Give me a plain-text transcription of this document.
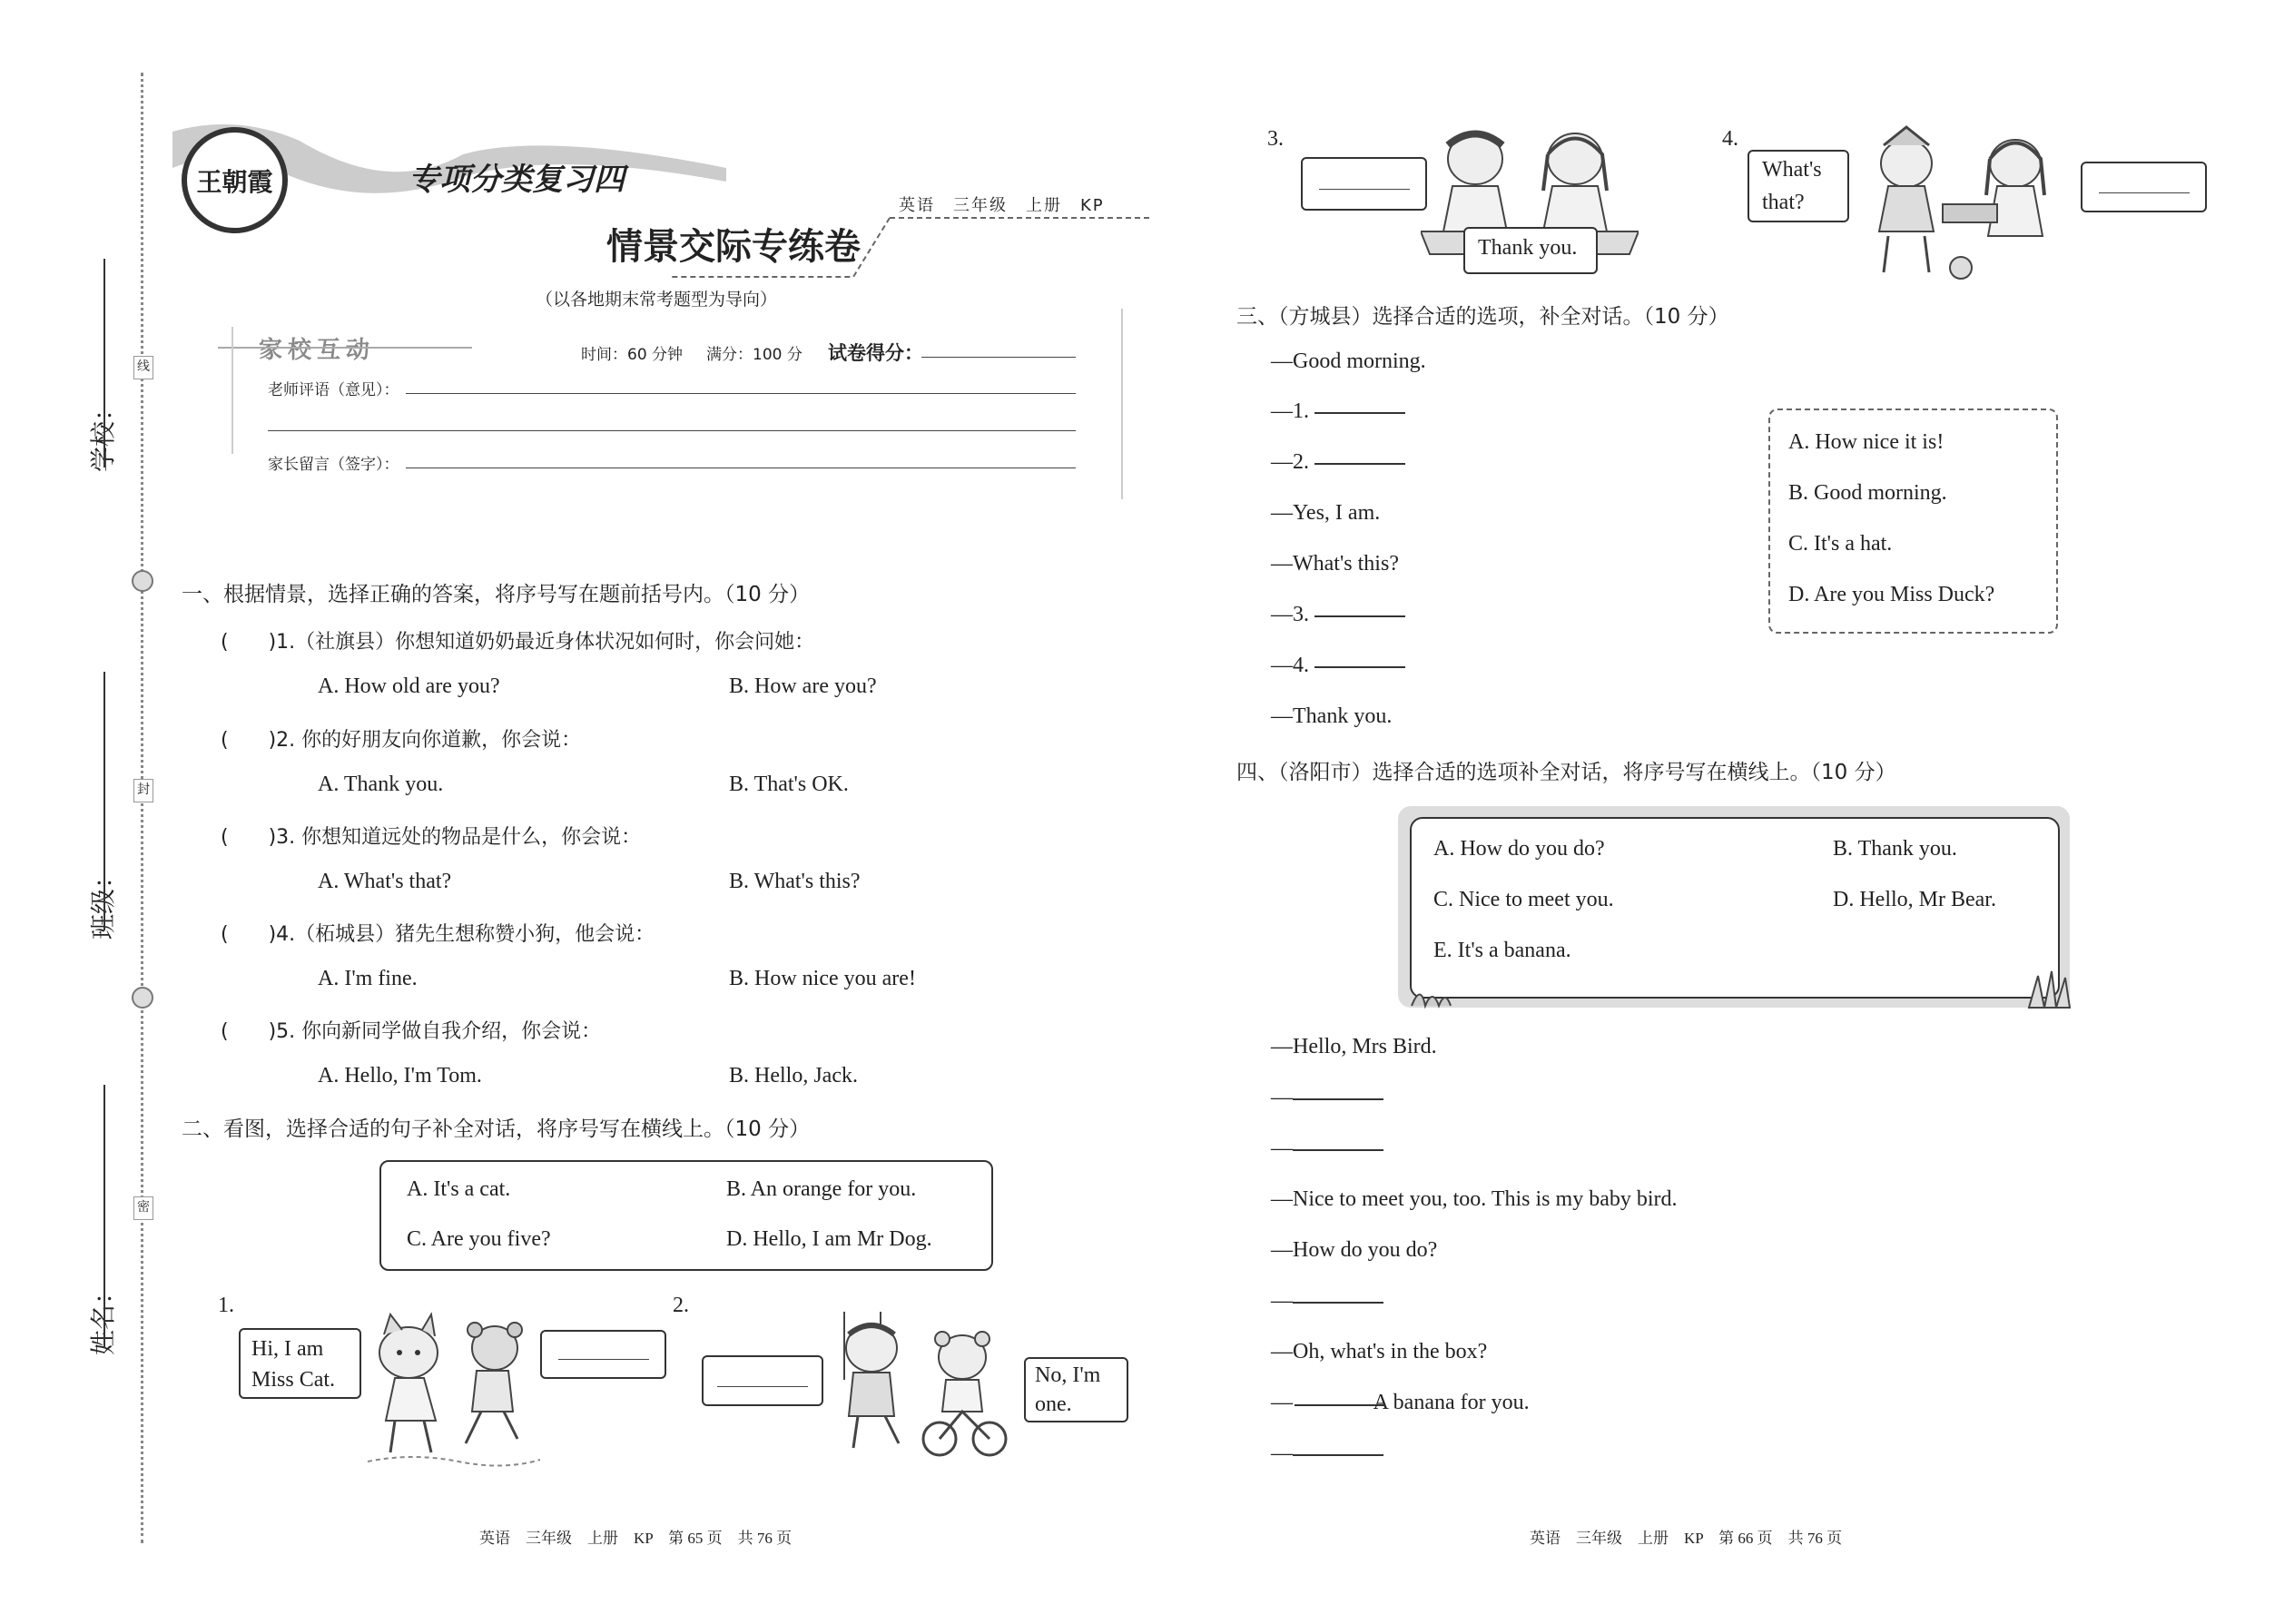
线
封
密
学校：
班级：
姓名：
王朝霞	专项分类复习四
英语　三年级　上册　KP
情景交际专练卷
（以各地期末常考题型为导向）
家校互动	时间：60 分钟 满分：100 分 试卷得分：
老师评语（意见）：
家长留言（签字）：
一、根据情景，选择正确的答案，将序号写在题前括号内。（10 分）
(　　)1.（社旗县）你想知道奶奶最近身体状况如何时，你会问她：
A. How old are you?	B. How are you?
(　　)2. 你的好朋友向你道歉，你会说：
A. Thank you.	B. That's OK.
(　　)3. 你想知道远处的物品是什么，你会说：
A. What's that?	B. What's this?
(　　)4.（柘城县）猪先生想称赞小狗，他会说：
A. I'm fine.	B. How nice you are!
(　　)5. 你向新同学做自我介绍，你会说：
A. Hello, I'm Tom.	B. Hello, Jack.
二、看图，选择合适的句子补全对话，将序号写在横线上。（10 分）
A. It's a cat.	B. An orange for you.
C. Are you five?	D. Hello, I am Mr Dog.
1.
Hi, I am Miss Cat.
2.
No, I'm one.
英语　三年级　上册　KP　第 65 页　共 76 页	英语　三年级　上册　KP　第 66 页　共 76 页
3.
Thank you.
4.
What's that?
三、（方城县）选择合适的选项，补全对话。（10 分）
—Good morning.
—1.
—2.
—Yes, I am.
—What's this?
—3.
—4.
—Thank you.
A. How nice it is!
B. Good morning.
C. It's a hat.
D. Are you Miss Duck?
四、（洛阳市）选择合适的选项补全对话，将序号写在横线上。（10 分）
A. How do you do?	B. Thank you.
C. Nice to meet you.	D. Hello, Mr Bear.
E. It's a banana.
—Hello, Mrs Bird.
—
—
—Nice to meet you, too. This is my baby bird.
—How do you do?
—
—Oh, what's in the box?
—     A banana for you.
—
